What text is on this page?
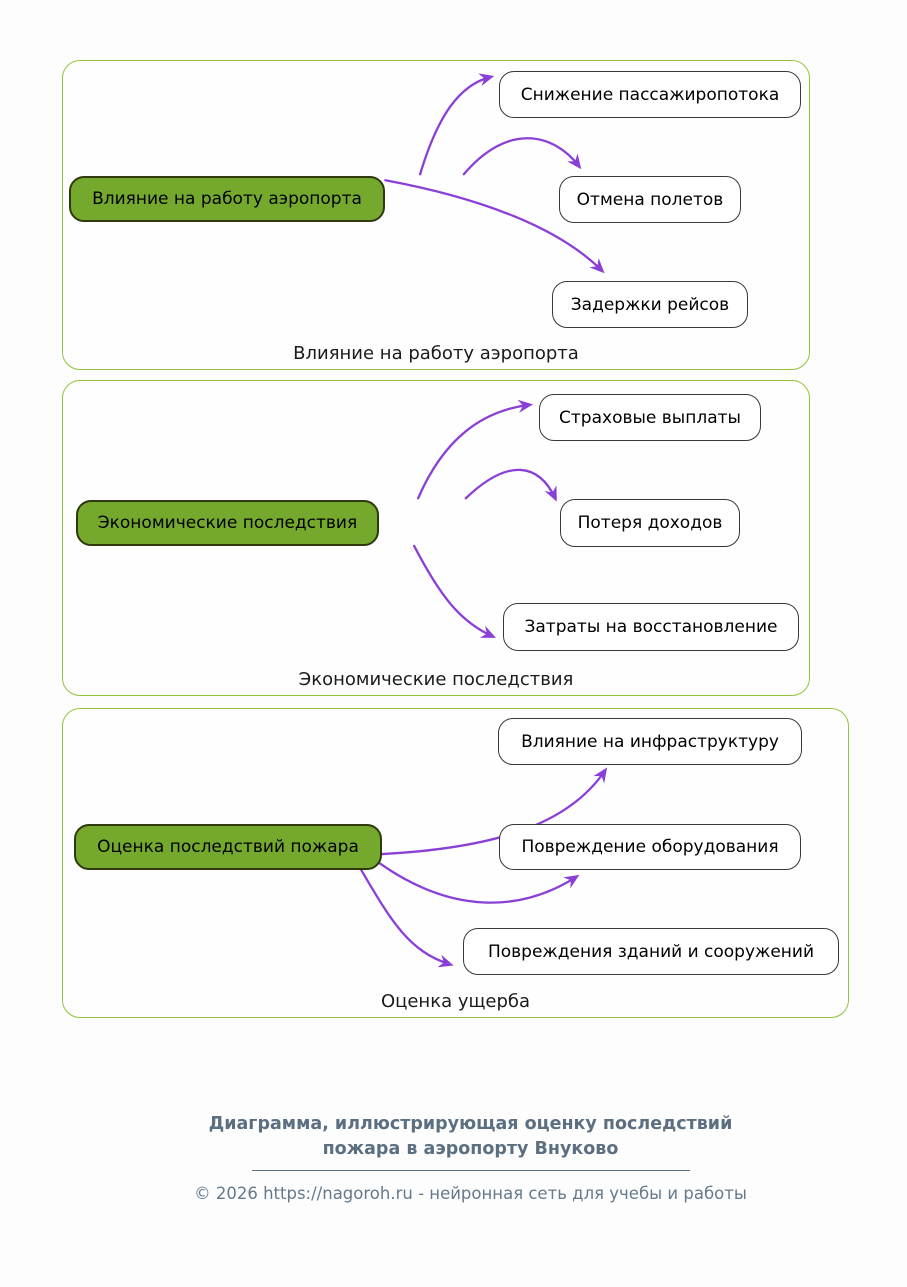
Влияние на работу аэропорта
Снижение пассажиропотока
Отмена полетов
Задержки рейсов
Влияние на работу аэропорта
Экономические последствия
Страховые выплаты
Потеря доходов
Затраты на восстановление
Экономические последствия
Оценка последствий пожара
Влияние на инфраструктуру
Повреждение оборудования
Повреждения зданий и сооружений
Оценка ущерба
Диаграмма, иллюстрирующая оценку последствий
пожара в аэропорту Внуково
© 2026 https://nagoroh.ru - нейронная сеть для учебы и работы
